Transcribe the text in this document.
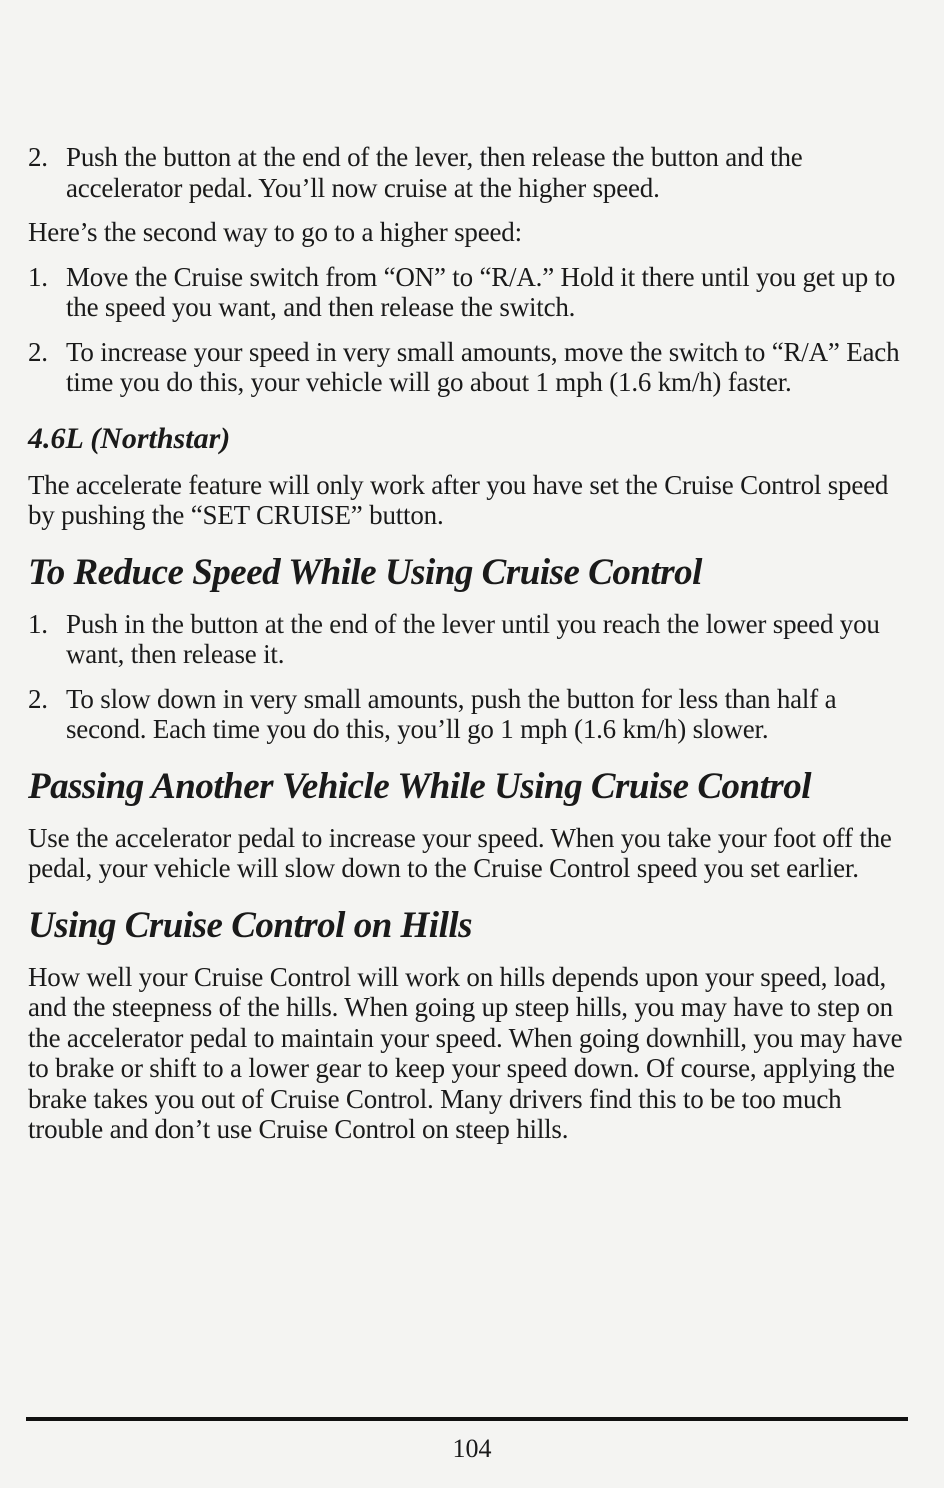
2. Push the button at the end of the lever, then release the button and the accelerator pedal. You’ll now cruise at the higher speed.

Here’s the second way to go to a higher speed:

1. Move the Cruise switch from “ON” to “R/A.” Hold it there until you get up to the speed you want, and then release the switch.
2. To increase your speed in very small amounts, move the switch to “R/A” Each time you do this, your vehicle will go about 1 mph (1.6 km/h) faster.
4.6L (Northstar)

The accelerate feature will only work after you have set the Cruise Control speed by pushing the “SET CRUISE” button.

To Reduce Speed While Using Cruise Control
1. Push in the button at the end of the lever until you reach the lower speed you want, then release it.
2. To slow down in very small amounts, push the button for less than half a second. Each time you do this, you’ll go 1 mph (1.6 km/h) slower.
Passing Another Vehicle While Using Cruise Control

Use the accelerator pedal to increase your speed. When you take your foot off the pedal, your vehicle will slow down to the Cruise Control speed you set earlier.

Using Cruise Control on Hills

How well your Cruise Control will work on hills depends upon your speed, load, and the steepness of the hills. When going up steep hills, you may have to step on the accelerator pedal to maintain your speed. When going downhill, you may have to brake or shift to a lower gear to keep your speed down. Of course, applying the brake takes you out of Cruise Control. Many drivers find this to be too much trouble and don’t use Cruise Control on steep hills.

104
